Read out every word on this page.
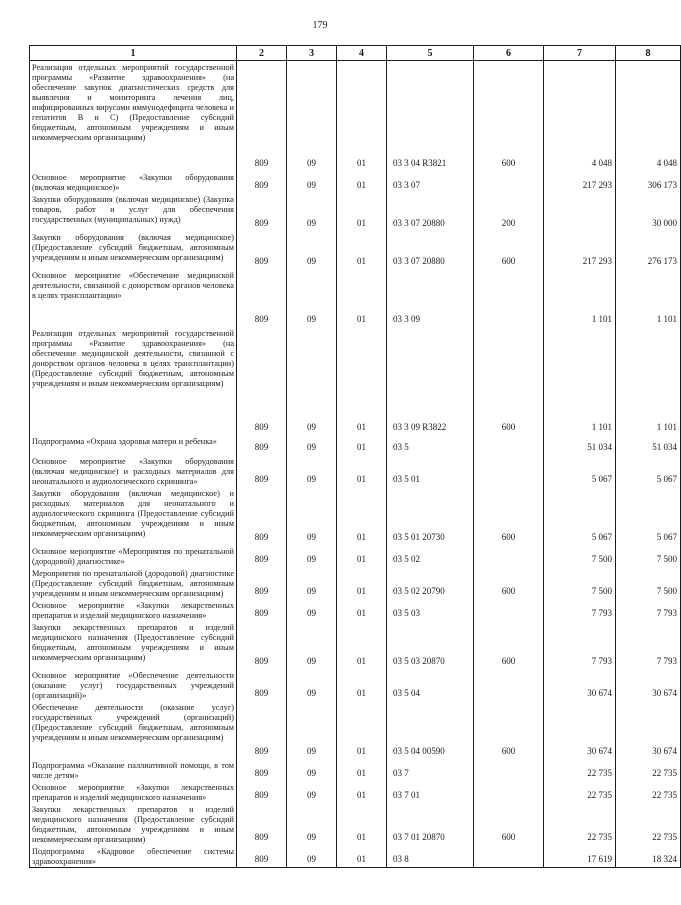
179
1	2	3	4	5	6	7	8
Реализация отдельных мероприятий государственной программы «Развитие здравоохранения» (на обеспечение закупок диагностических средств для выявления и мониторинга лечения лиц, инфицированных вирусами иммунодефицита человека и гепатитов В и С) (Предоставление субсидий бюджетным, автономным учреждениям и иным некоммерческим организациям)	809	09	01	03 3 04 R3821	600	4 048	4 048
Основное мероприятие «Закупки оборудования (включая медицинское)»	809	09	01	03 3 07		217 293	306 173
Закупки оборудования (включая медицинское) (Закупка товаров, работ и услуг для обеспечения государственных (муниципальных) нужд)	809	09	01	03 3 07 20880	200		30 000
Закупки оборудования (включая медицинское) (Предоставление субсидий бюджетным, автономным учреждениям и иным некоммерческим организациям)	809	09	01	03 3 07 20880	600	217 293	276 173
Основное мероприятие «Обеспечение медицинской деятельности, связанной с донорством органов человека в целях трансплантации»	809	09	01	03 3 09		1 101	1 101
Реализация отдельных мероприятий государственной программы «Развитие здравоохранения» (на обеспечение медицинской деятельности, связанной с донорством органов человека в целях трансплантации) (Предоставление субсидий бюджетным, автономным учреждениям и иным некоммерческим организациям)	809	09	01	03 3 09 R3822	600	1 101	1 101
Подпрограмма «Охрана здоровья матери и ребенка»	809	09	01	03 5		51 034	51 034
Основное мероприятие «Закупки оборудования (включая медицинское) и расходных материалов для неонатального и аудиологического скрининга»	809	09	01	03 5 01		5 067	5 067
Закупки оборудования (включая медицинское) и расходных материалов для неонатального и аудиологического скрининга (Предоставление субсидий бюджетным, автономным учреждениям и иным некоммерческим организациям)	809	09	01	03 5 01 20730	600	5 067	5 067
Основное мероприятие «Мероприятия по пренатальной (дородовой) диагностике»	809	09	01	03 5 02		7 500	7 500
Мероприятия по пренатальной (дородовой) диагностике (Предоставление субсидий бюджетным, автономным учреждениям и иным некоммерческим организациям)	809	09	01	03 5 02 20790	600	7 500	7 500
Основное мероприятие «Закупки лекарственных препаратов и изделий медицинского назначения»	809	09	01	03 5 03		7 793	7 793
Закупки лекарственных препаратов и изделий медицинского назначения (Предоставление субсидий бюджетным, автономным учреждениям и иным некоммерческим организациям)	809	09	01	03 5 03 20870	600	7 793	7 793
Основное мероприятие «Обеспечение деятельности (оказание услуг) государственных учреждений (организаций)»	809	09	01	03 5 04		30 674	30 674
Обеспечение деятельности (оказание услуг) государственных учреждений (организаций) (Предоставление субсидий бюджетным, автономным учреждениям и иным некоммерческим организациям)	809	09	01	03 5 04 00590	600	30 674	30 674
Подпрограмма «Оказание паллиативной помощи, в том числе детям»	809	09	01	03 7		22 735	22 735
Основное мероприятие «Закупки лекарственных препаратов и изделий медицинского назначения»	809	09	01	03 7 01		22 735	22 735
Закупки лекарственных препаратов и изделий медицинского назначения (Предоставление субсидий бюджетным, автономным учреждениям и иным некоммерческим организациям)	809	09	01	03 7 01 20870	600	22 735	22 735
Подпрограмма «Кадровое обеспечение системы здравоохранения»	809	09	01	03 8		17 619	18 324
